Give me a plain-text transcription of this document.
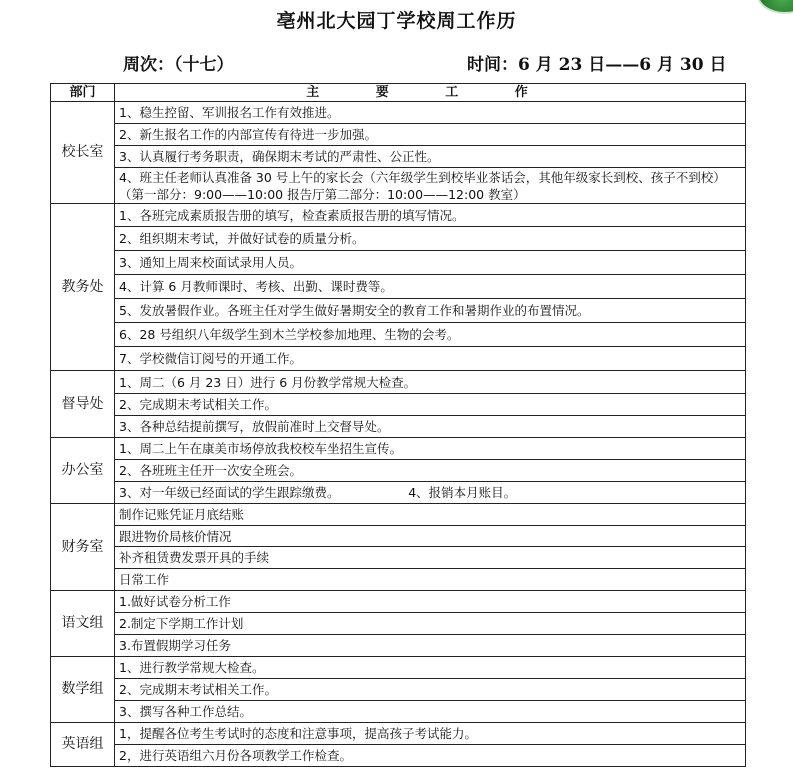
亳州北大园丁学校周工作历
周次：（十七）	时间：6 月 23 日——6 月 30 日
部门	主 要 工 作
校长室	1、稳生控留、军训报名工作有效推进。
	2、新生报名工作的内部宣传有待进一步加强。
	3、认真履行考务职责，确保期末考试的严肃性、公正性。
	4、班主任老师认真准备 30 号上午的家长会（六年级学生到校毕业茶话会，其他年级家长到校、孩子不到校）（第一部分：9:00——10:00 报告厅第二部分：10:00——12:00 教室）
教务处	1、各班完成素质报告册的填写，检查素质报告册的填写情况。
	2、组织期末考试，并做好试卷的质量分析。
	3、通知上周来校面试录用人员。
	4、计算 6 月教师课时、考核、出勤、课时费等。
	5、发放暑假作业。各班主任对学生做好暑期安全的教育工作和暑期作业的布置情况。
	6、28 号组织八年级学生到木兰学校参加地理、生物的会考。
	7、学校微信订阅号的开通工作。
督导处	1、周二（6 月 23 日）进行 6 月份教学常规大检查。
	2、完成期末考试相关工作。
	3、各种总结提前撰写，放假前准时上交督导处。
办公室	1、周二上午在康美市场停放我校校车坐招生宣传。
	2、各班班主任开一次安全班会。
	3、对一年级已经面试的学生跟踪缴费。　　　　　　4、报销本月账目。
财务室	制作记账凭证月底结账
	跟进物价局核价情况
	补齐租赁费发票开具的手续
	日常工作
语文组	1.做好试卷分析工作
	2.制定下学期工作计划
	3.布置假期学习任务
数学组	1、进行教学常规大检查。
	2、完成期末考试相关工作。
	3、撰写各种工作总结。
英语组	1，提醒各位考生考试时的态度和注意事项，提高孩子考试能力。
	2，进行英语组六月份各项教学工作检查。
